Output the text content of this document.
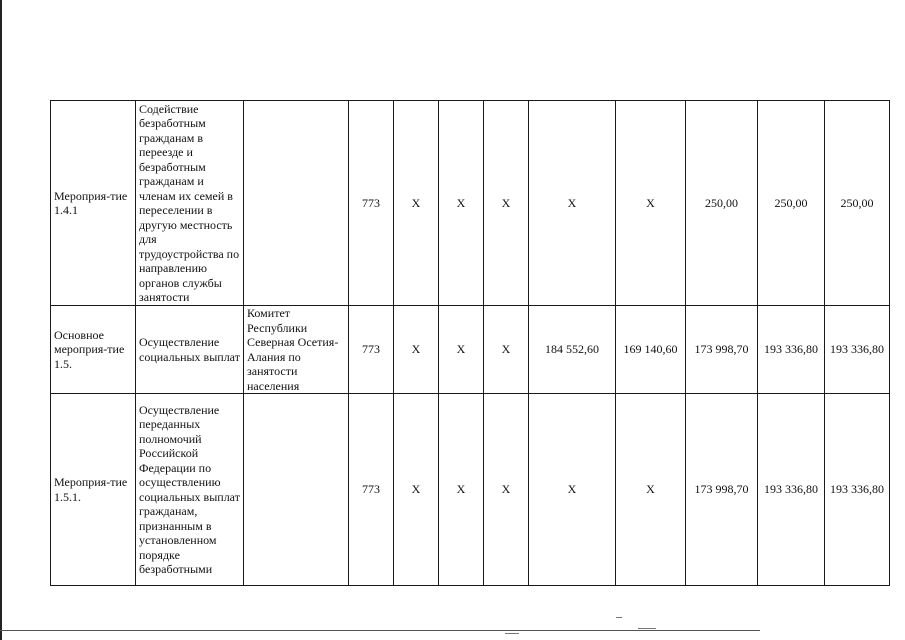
Мероприя-тие 1.4.1	Содействие безработным гражданам в переезде и безработным гражданам и членам их семей в переселении в другую местность для трудоустройства по направлению органов службы занятости		773	X	X	X	X	X	250,00	250,00	250,00
Основное мероприя-тие 1.5.	Осуществление социальных выплат	Комитет Республики Северная Осетия-Алания по занятости населения	773	X	X	X	184 552,60	169 140,60	173 998,70	193 336,80	193 336,80
Мероприя-тие 1.5.1.	Осуществление переданных полномочий Российской Федерации по осуществлению социальных выплат гражданам, признанным в установленном порядке безработными		773	X	X	X	X	X	173 998,70	193 336,80	193 336,80
